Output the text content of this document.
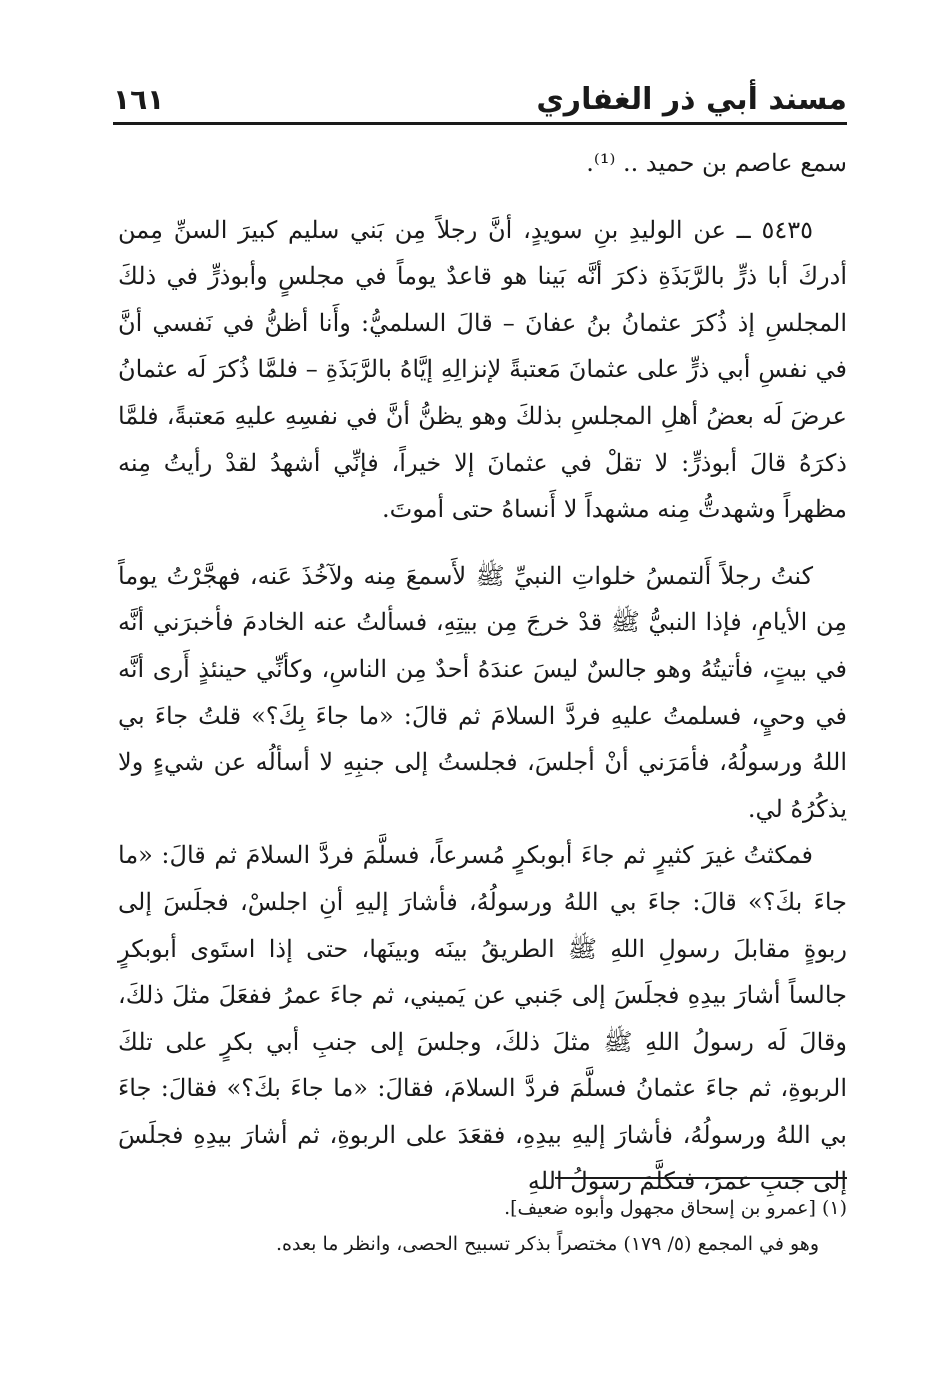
مسند أبي ذر الغفاري
١٦١

سمع عاصم بن حميد .. ⁽¹⁾.

٥٤٣٥ ــ عن الوليدِ بنِ سويدٍ، أنَّ رجلاً مِن بَني سليم كبيرَ السنِّ مِمن أدركَ أبا ذرٍّ بالرَّبَذَةِ ذكرَ أنَّه بَينا هو قاعدٌ يوماً في مجلسٍ وأبوذرٍّ في ذلكَ المجلسِ إذ ذُكرَ عثمانُ بنُ عفانَ – قالَ السلميُّ: وأَنا أظنُّ في نَفسي أنَّ في نفسِ أبي ذرٍّ على عثمانَ مَعتبةً لإنزالِهِ إيَّاهُ بالرَّبَذَةِ – فلمَّا ذُكرَ لَه عثمانُ عرضَ لَه بعضُ أهلِ المجلسِ بذلكَ وهو يظنُّ أنَّ في نفسِهِ عليهِ مَعتبةً، فلمَّا ذكرَهُ قالَ أبوذرٍّ: لا تقلْ في عثمانَ إلا خيراً، فإنِّي أشهدُ لقدْ رأيتُ مِنه مظهراً وشهدتُّ مِنه مشهداً لا أَنساهُ حتى أموتَ.

كنتُ رجلاً أَلتمسُ خلواتِ النبيِّ ﷺ لأَسمعَ مِنه ولآخُذَ عَنه، فهجَّرْتُ يوماً مِن الأيامِ، فإذا النبيُّ ﷺ قدْ خرجَ مِن بيتِهِ، فسألتُ عنه الخادمَ فأخبرَني أنَّه في بيتٍ، فأتيتُهُ وهو جالسٌ ليسَ عندَهُ أحدٌ مِن الناسِ، وكأنِّي حينئذٍ أَرى أنَّه في وحيٍ، فسلمتُ عليهِ فردَّ السلامَ ثم قالَ: «ما جاءَ بِكَ؟» قلتُ جاءَ بي اللهُ ورسولُهُ، فأمَرَني أنْ أجلسَ، فجلستُ إلى جنبِهِ لا أسألُه عن شيءٍ ولا يذكُرُهُ لي.

فمكثتُ غيرَ كثيرٍ ثم جاءَ أبوبكرٍ مُسرعاً، فسلَّمَ فردَّ السلامَ ثم قالَ: «ما جاءَ بكَ؟» قالَ: جاءَ بي اللهُ ورسولُهُ، فأشارَ إليهِ أنِ اجلسْ، فجلَسَ إلى ربوةٍ مقابلَ رسولِ اللهِ ﷺ الطريقُ بينَه وبينَها، حتى إذا استَوى أبوبكرٍ جالساً أشارَ بيدِهِ فجلَسَ إلى جَنبي عن يَميني، ثم جاءَ عمرُ ففعَلَ مثلَ ذلكَ، وقالَ لَه رسولُ اللهِ ﷺ مثلَ ذلكَ، وجلسَ إلى جنبِ أبي بكرٍ على تلكَ الربوةِ، ثم جاءَ عثمانُ فسلَّمَ فردَّ السلامَ، فقالَ: «ما جاءَ بكَ؟» فقالَ: جاءَ بي اللهُ ورسولُهُ، فأشارَ إليهِ بيدِهِ، فقعَدَ على الربوةِ، ثم أشارَ بيدِهِ فجلَسَ إلى جنبِ عمرَ، فتكلَّمَ رسولُ اللهِ

(١) [عمرو بن إسحاق مجهول وأبوه ضعيف].

وهو في المجمع (٥/ ١٧٩) مختصراً بذكر تسبيح الحصى، وانظر ما بعده.
